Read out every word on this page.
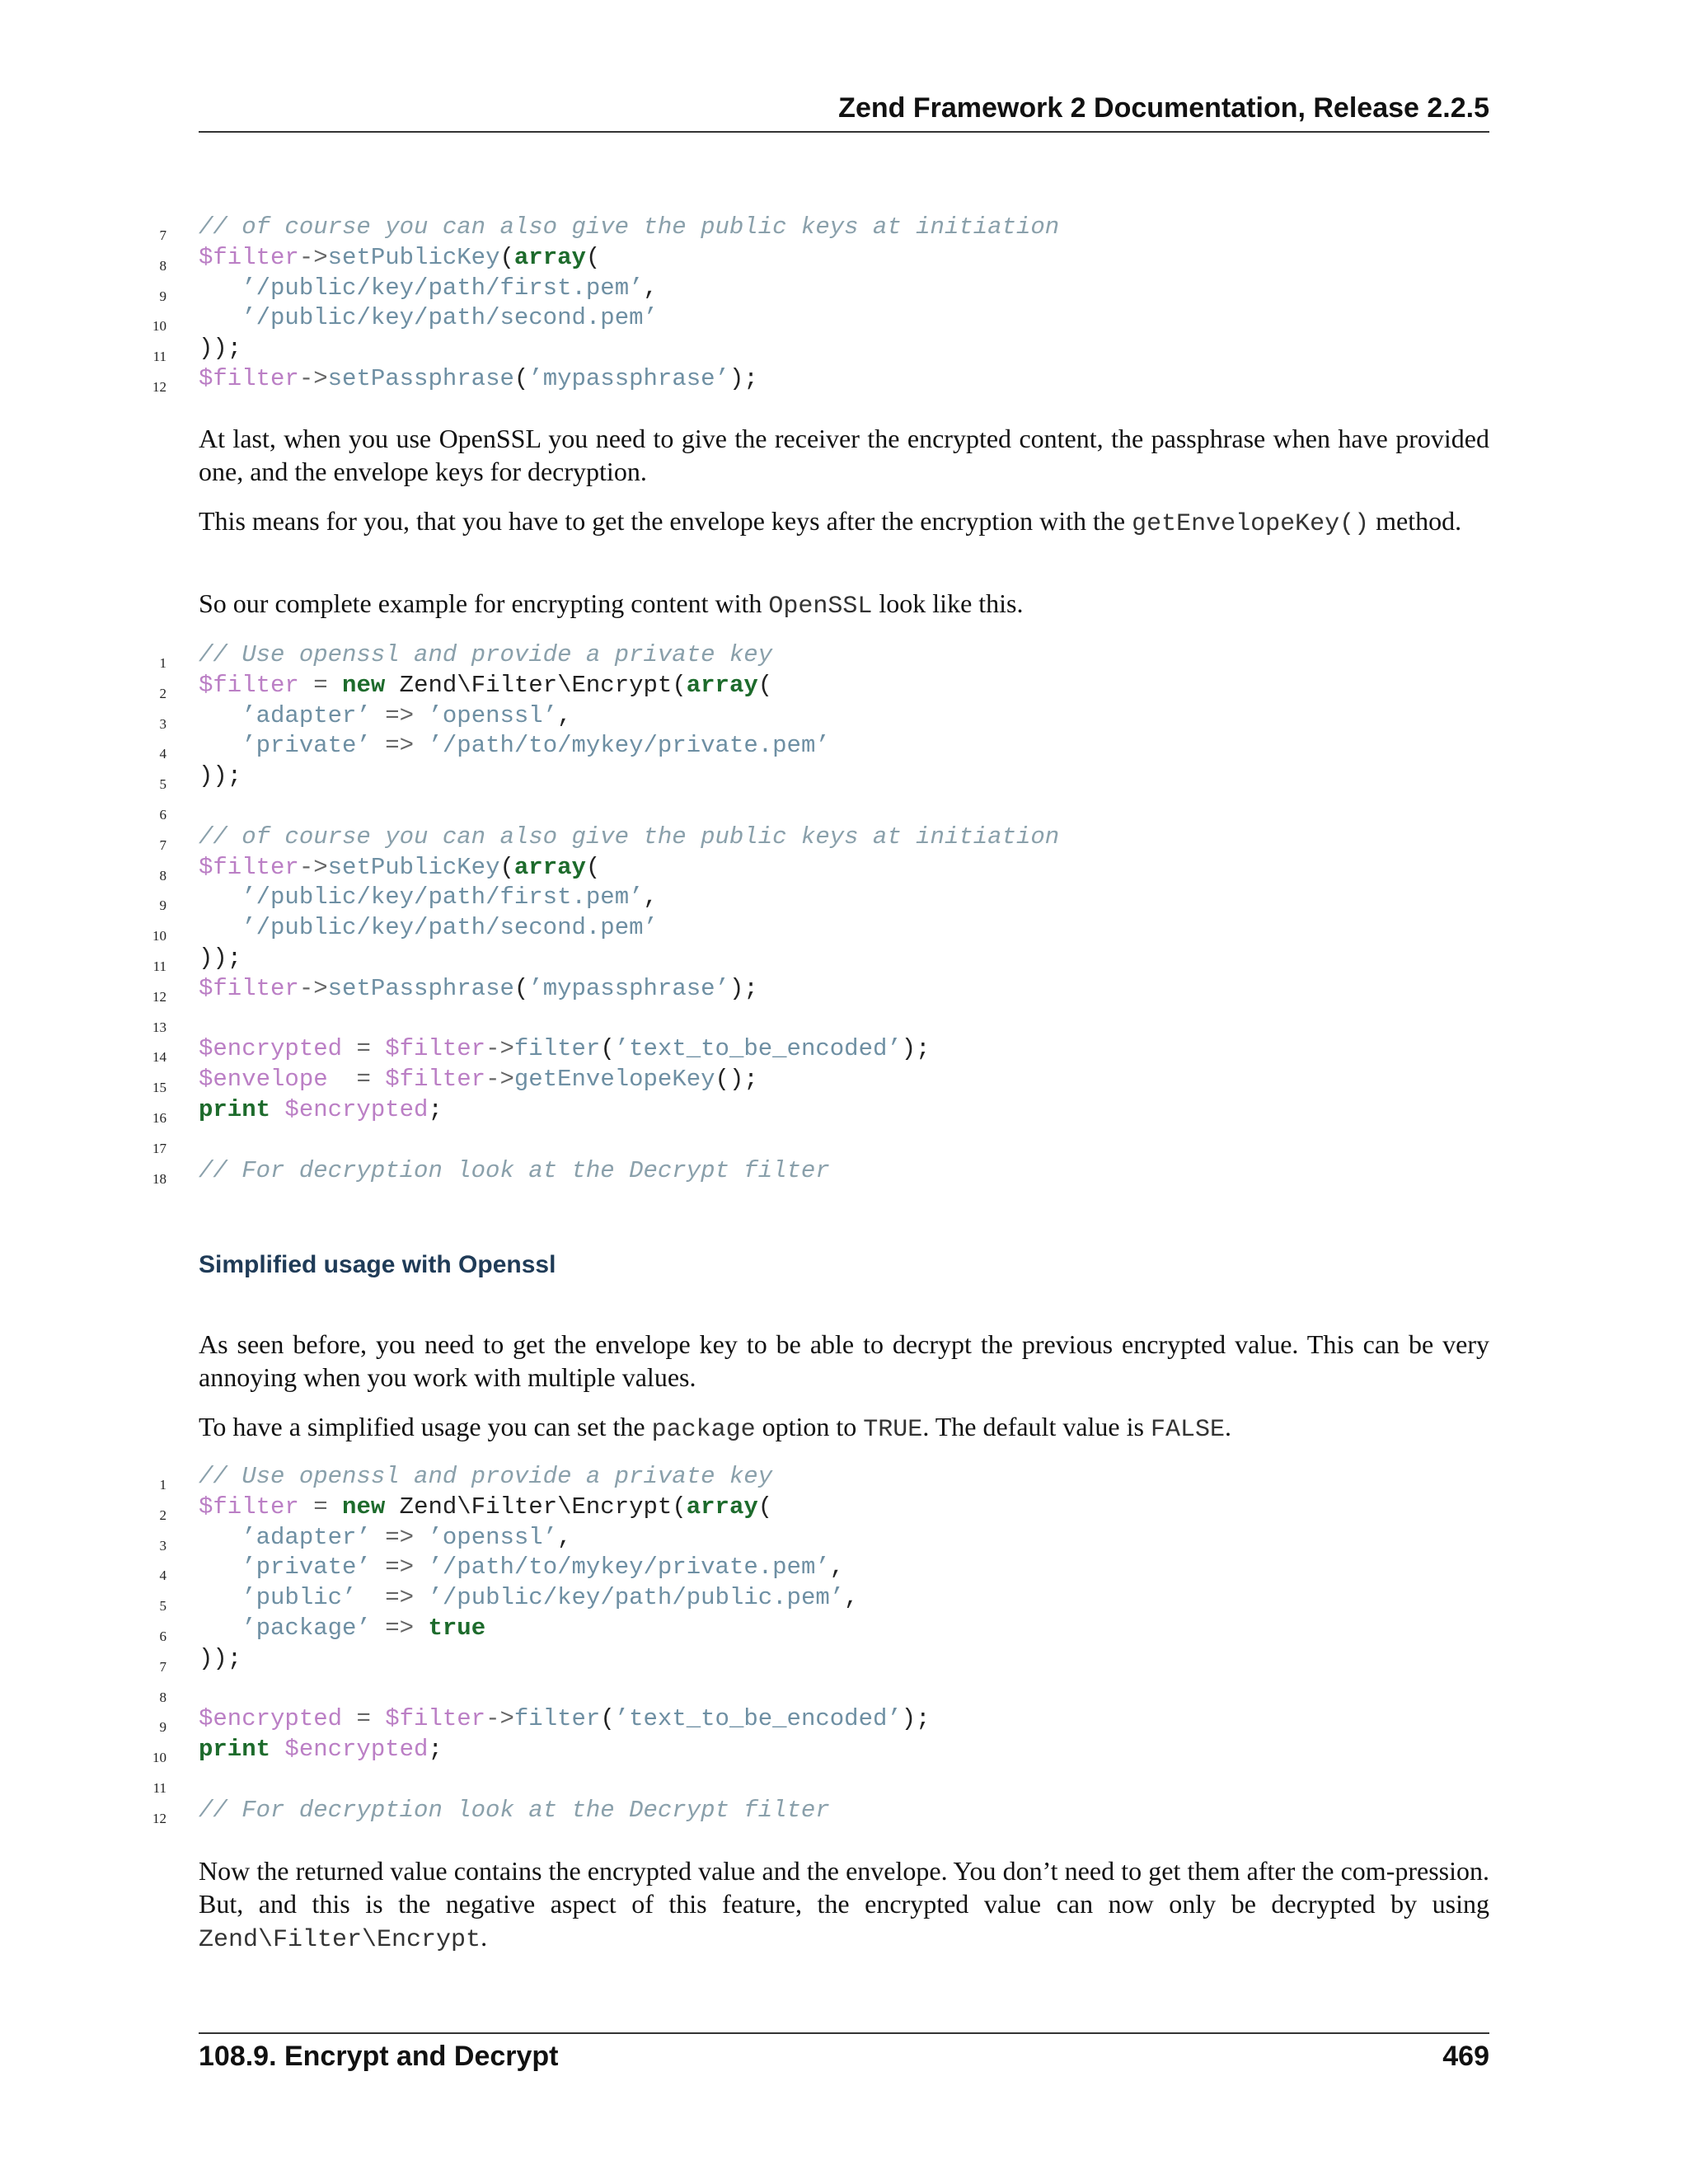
Zend Framework 2 Documentation, Release 2.2.5
7 // of course you can also give the public keys at initiation
8 $filter->setPublicKey(array(
9	’/public/key/path/first.pem’,
10	’/public/key/path/second.pem’
11 ));
12 $filter->setPassphrase(’mypassphrase’);

At last, when you use OpenSSL you need to give the receiver the encrypted content, the passphrase when have provided one, and the envelope keys for decryption.

This means for you, that you have to get the envelope keys after the encryption with the getEnvelopeKey() method.

So our complete example for encrypting content with OpenSSL look like this.

1 // Use openssl and provide a private key
2 $filter = new Zend\Filter\Encrypt(array(
3	’adapter’ => ’openssl’,
4	’private’ => ’/path/to/mykey/private.pem’
5 ));
6
7 // of course you can also give the public keys at initiation
8 $filter->setPublicKey(array(
9	’/public/key/path/first.pem’,
10	’/public/key/path/second.pem’
11 ));
12 $filter->setPassphrase(’mypassphrase’);
13
14 $encrypted = $filter->filter(’text_to_be_encoded’);
15 $envelope = $filter->getEnvelopeKey();
16 print $encrypted;
17
18 // For decryption look at the Decrypt filter
Simplified usage with Openssl

As seen before, you need to get the envelope key to be able to decrypt the previous encrypted value. This can be very annoying when you work with multiple values.

To have a simplified usage you can set the package option to TRUE. The default value is FALSE.

1 // Use openssl and provide a private key
2 $filter = new Zend\Filter\Encrypt(array(
3	’adapter’ => ’openssl’,
4	’private’ => ’/path/to/mykey/private.pem’,
5	’public’ => ’/public/key/path/public.pem’,
6	’package’ => true
7 ));
8
9 $encrypted = $filter->filter(’text_to_be_encoded’);
10 print $encrypted;
11
12 // For decryption look at the Decrypt filter

Now the returned value contains the encrypted value and the envelope. You don’t need to get them after the com-pression. But, and this is the negative aspect of this feature, the encrypted value can now only be decrypted by using Zend\Filter\Encrypt.

108.9. Encrypt and Decrypt	469
